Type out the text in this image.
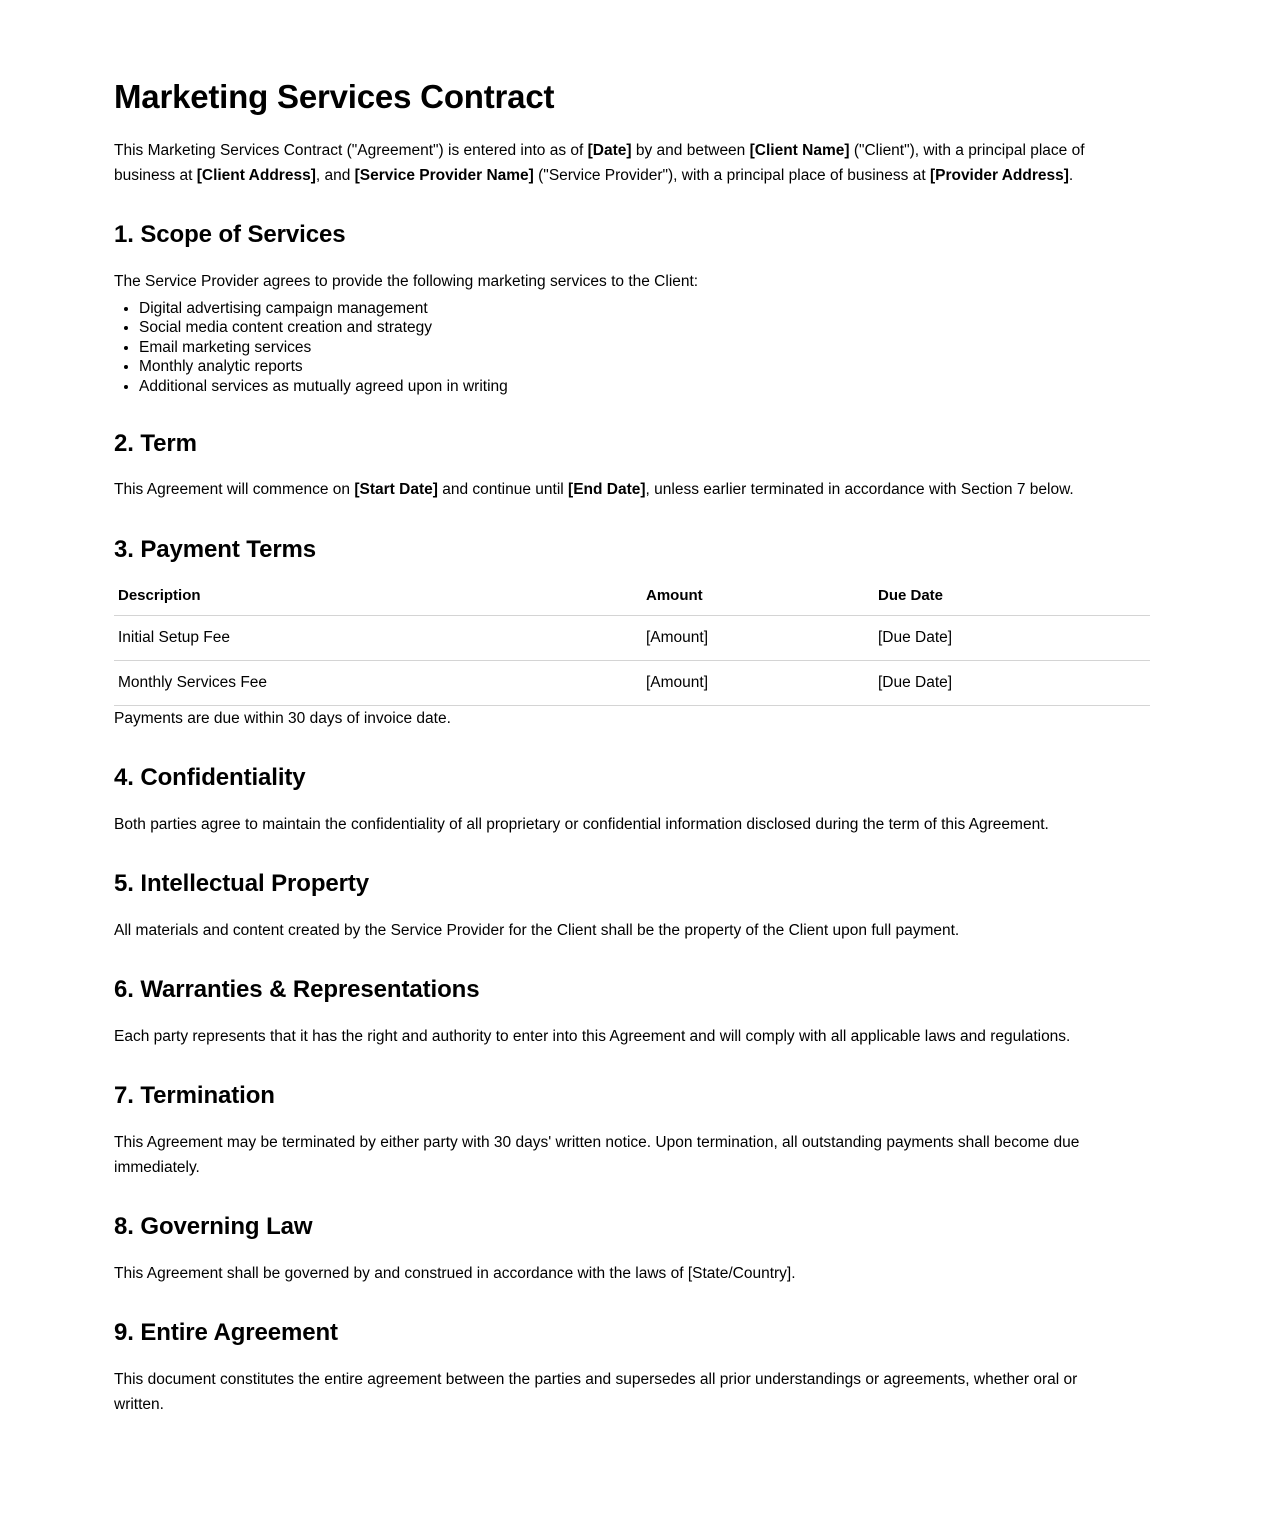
Marketing Services Contract

This Marketing Services Contract ("Agreement") is entered into as of [Date] by and between [Client Name] ("Client"), with a principal place of business at [Client Address], and [Service Provider Name] ("Service Provider"), with a principal place of business at [Provider Address].

1. Scope of Services

The Service Provider agrees to provide the following marketing services to the Client:

• Digital advertising campaign management
• Social media content creation and strategy
• Email marketing services
• Monthly analytic reports
• Additional services as mutually agreed upon in writing
2. Term

This Agreement will commence on [Start Date] and continue until [End Date], unless earlier terminated in accordance with Section 7 below.

3. Payment Terms
Description	Amount	Due Date
Initial Setup Fee	[Amount]	[Due Date]
Monthly Services Fee	[Amount]	[Due Date]

Payments are due within 30 days of invoice date.

4. Confidentiality

Both parties agree to maintain the confidentiality of all proprietary or confidential information disclosed during the term of this Agreement.

5. Intellectual Property

All materials and content created by the Service Provider for the Client shall be the property of the Client upon full payment.

6. Warranties & Representations

Each party represents that it has the right and authority to enter into this Agreement and will comply with all applicable laws and regulations.

7. Termination

This Agreement may be terminated by either party with 30 days' written notice. Upon termination, all outstanding payments shall become due immediately.

8. Governing Law

This Agreement shall be governed by and construed in accordance with the laws of [State/Country].

9. Entire Agreement

This document constitutes the entire agreement between the parties and supersedes all prior understandings or agreements, whether oral or written.
